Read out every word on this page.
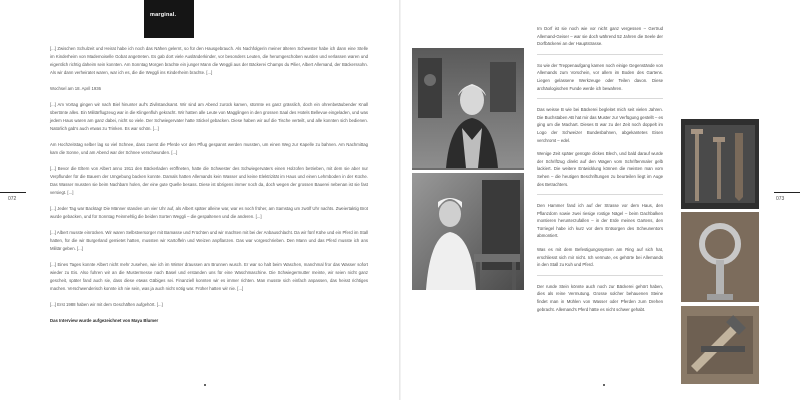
marginal.
072	073

[...] Zwischen Schulzeit und Heirat habe ich noch das Nähen gelernt, so für den Hausgebrauch. Als Nachfolgerin meiner älteren Schwester habe ich dann eine Stelle im Kinderheim von Mademoiselle Gobat angetreten. Es gab dort viele Ausländerkinder, vor besonders Leuten, die herumgeschoben wurden und verlassen waren und eigentlich richtig daheim sein konnten. Am Sonntag Morgen brachte ein junger Mann die Weggli aus der Bäckerei Champs du Pilier, Albert Allemand, der Bäckerssohn. Als wir dann verheiratet waren, war ich es, die die Weggli ins Kinderheim brachte. [...]

Wochsel am 18. April 1936

[...] Am Vortag gingen wir nach Biel hinunter auf's Zivilstandsamt. Wir sind am Abend zurück kamen, stürmte es ganz grässlich, doch ein ohrenbetäubender Knall übertönte alles. Ein Militärflugzeug war in die Klingenfluh gekracht. Wir hatten alle Leute von Magglingen in den grossen Saal des Hotels Bellevue eingeladen, und was jedem Haus waren am ganz dabei, nicht so viele. Der Schwiegervater hatte Stickel gebacken. Diese haben wir auf die Tische verteilt, und alle konnten sich bedienen. Natürlich gab's auch etwas zu Trinken. Es war schön. [...]

Am Hochzeitstag selber lag so viel Schnee, dass zuerst die Pferde vor den Pflug gespannt werden mussten, um einen Weg zur Kapelle zu bahnen. Am Nachmittag kam die Sonne, und am Abend war der Schnee verschwunden. [...]

[...] Bevor die Eltern von Albert anno 1911 den Bäckerladen eröffneten, hatte die Schwester des Schwiegervaters einen Holzofen betrieben, mit dem sie aber nur Verpflunder für die Bauern der Umgebung backen konnte. Damals hatten Allemands kein Wasser und keine Elektrizität im Haus und einen Lehmboden in der Küche. Das Wasser mussten sie beim Nachbarn holen, der eine gute Quelle besass. Diese ist übrigens immer noch da, doch wegen der grossen Bauerei nebenan ist sie fast versiegt. [...]

[...] Jeder Tag war Backtag! Die Männer standen um vier Uhr auf, als Albert später alleine war, war es noch früher, am Samstag um zwölf Uhr nachts. Zweiertaktig Brot wurde gebacken, und für Sonntag Feinmehlig die beiden Sorten Weggli – die gespaltenen und die anderen. [...]

[...] Albert musste einrücken. Wir waren Selbstversorger mit Bamasse und Früchten und wir machten mit bei der Anbauschlacht. Da wir fünf Kühe und ein Pferd im Stall hatten, für die wir Burgerland gemietet hatten, mussten wir Kartoffeln und Weizen anpflanzen. Das war vorgeschrieben. Den Mann und das Pferd musste ich ans Militär geben. [...]

[...] Eines Tages konnte Albert nicht mehr zusehen, wie ich im Winter draussen am Brunnen wusch. Er war so halt beim Waschen, manchmal fror das Wasser sofort wieder zu Eis. Also fuhren wir an die Mustermesse nach Basel und erstanden uns für eine Waschmaschine. Die Schwiegermutter meinte, wir seien nicht ganz gescheit, später fand auch sie, dass diese etwas Gäbiges sei. Finanziell konnten wir es immer richten. Man musste sich einfach anpassen, das heisst richtiges machen. Verschwenderisch konnte ich nie sein, was ja auch nicht nötig war. Früher hatten wir nie. [...]

[...] Erst 1988 haben wir mit dem Geschäften aufgehört. [...]

Das Interview wurde aufgezeichnet von Maya Blumer

Im Dorf ist sie noch wie vor nicht ganz vergessen – Gertrud Allemand-Geiser – war sie doch während 52 Jahren die Seele der Dorfbäckerei an der Hauptstrasse.

So wie der Treppenaufgang kamen noch einige Gegenstände von Allemands zum Vorschein, vor allem im Boden des Gartens. Liegen gelassene Werkzeuge oder Teilen davon. Diese archäologischen Funde werde ich bewahren.

Das weisse B wie bei Bäckerei begleitet mich seit vielen Jahren. Die Buchstaben AB hat mir das Muster zur Verfügung gestellt – es ging um die Machart. Dieses B war zu der Zeit noch doppelt im Logo der Schweizer Bundesbahnen, abgekantetes Eisen verchromt – edel.

Wenige Zeit später genügte dickes Blech, und bald darauf wurde der Schriftzug direkt auf den Wagen vom Schriftenmaler gelb lackiert. Die weitere Entwicklung können die meisten man vom Sehen – die heutigen Beschriftungen zu beurteilen liegt im Auge des Betrachters.

Den Hammer fand ich auf der Strasse vor dem Haus, den Pflanzdorn sowie zwei riesige rostige Nägel – beim Dachbalken montieren herunterzufallen – in der Erde meines Gartens, den Türriegel habe ich kurz vor dem Entsorgen des Scheunentors abmontiert.

Was es mit dem Befestigungssystem am Ring auf sich hat, erschliesst sich mir nicht. Ich vermute, es gehörte bei Allemands in den Stall zu Kuh und Pferd.

Der runde Stein könnte auch noch zur Bäckerei gehört haben, dies als reine Vermutung. Grosse solcher behauenen Steine findet man in Mühlen von Wasser oder Pferden zum Drehen gebracht. Allemand's Pferd hätte es nicht schwer gehabt.
